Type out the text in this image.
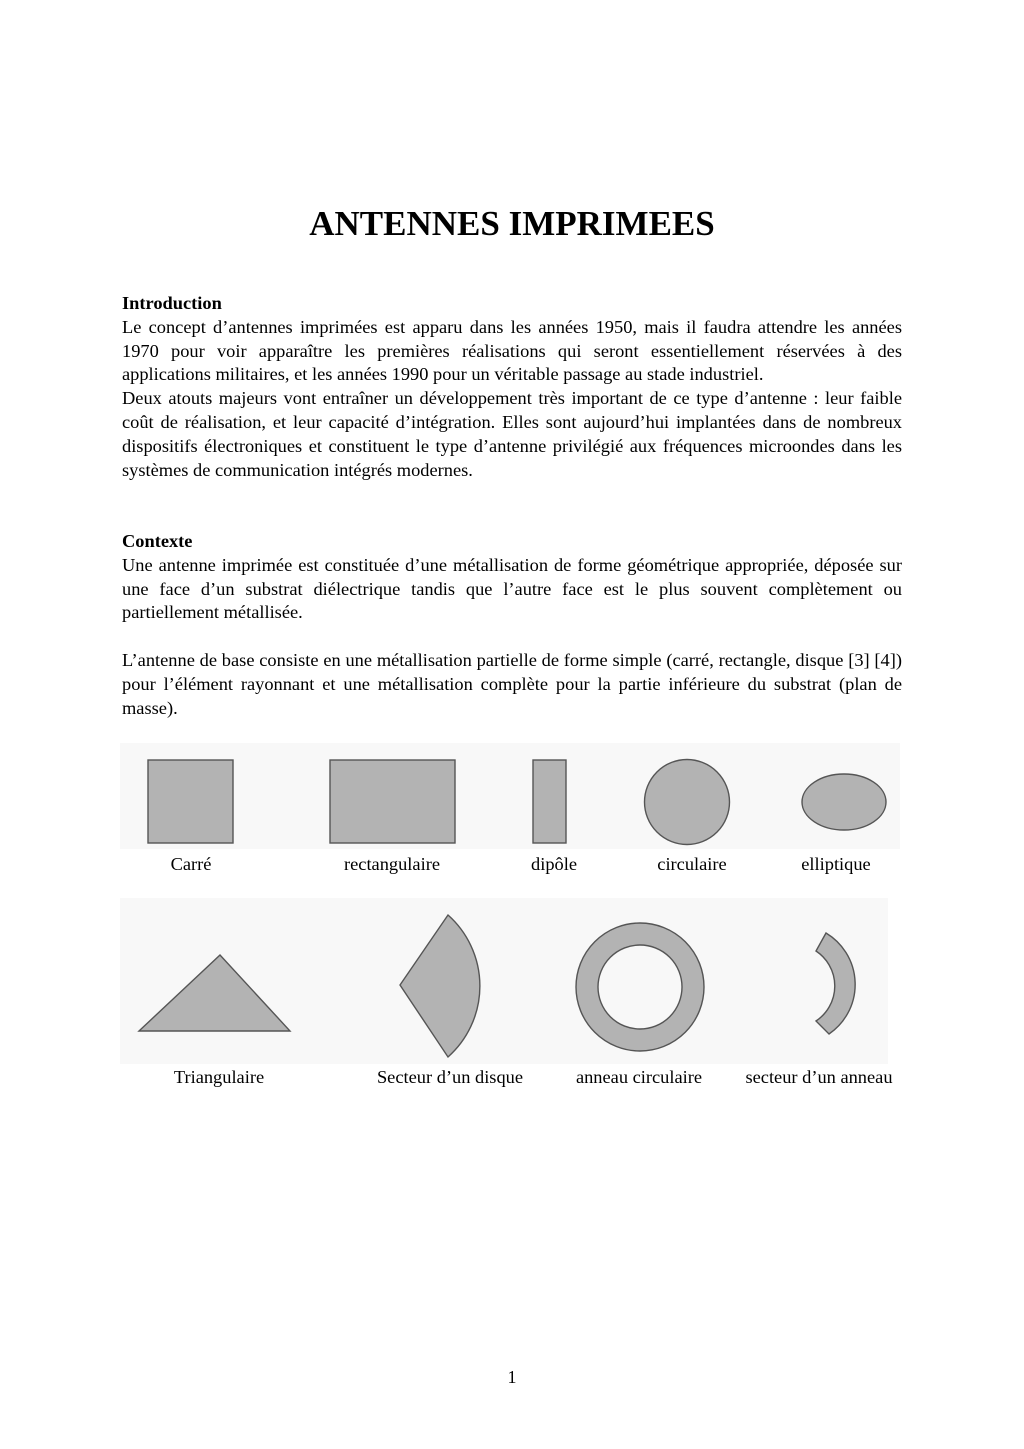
ANTENNES IMPRIMEES

Introduction

Le concept d’antennes imprimées est apparu dans les années 1950, mais il faudra attendre les années 1970 pour voir apparaître les premières réalisations qui seront essentiellement réservées à des applications militaires, et les années 1990 pour un véritable passage au stade industriel.

Deux atouts majeurs vont entraîner un développement très important de ce type d’antenne : leur faible coût de réalisation, et leur capacité d’intégration. Elles sont aujourd’hui implantées dans de nombreux dispositifs électroniques et constituent le type d’antenne privilégié aux fréquences microondes dans les systèmes de communication intégrés modernes.

Contexte

Une antenne imprimée est constituée d’une métallisation de forme géométrique appropriée, déposée sur une face d’un substrat diélectrique tandis que l’autre face est le plus souvent complètement ou partiellement métallisée.

L’antenne de base consiste en une métallisation partielle de forme simple (carré, rectangle, disque [3] [4]) pour l’élément rayonnant et une métallisation complète pour la partie inférieure du substrat (plan de masse).

Carré	rectangulaire	dipôle	circulaire	elliptique
Triangulaire	Secteur d’un disque	anneau circulaire	secteur d’un anneau
1
